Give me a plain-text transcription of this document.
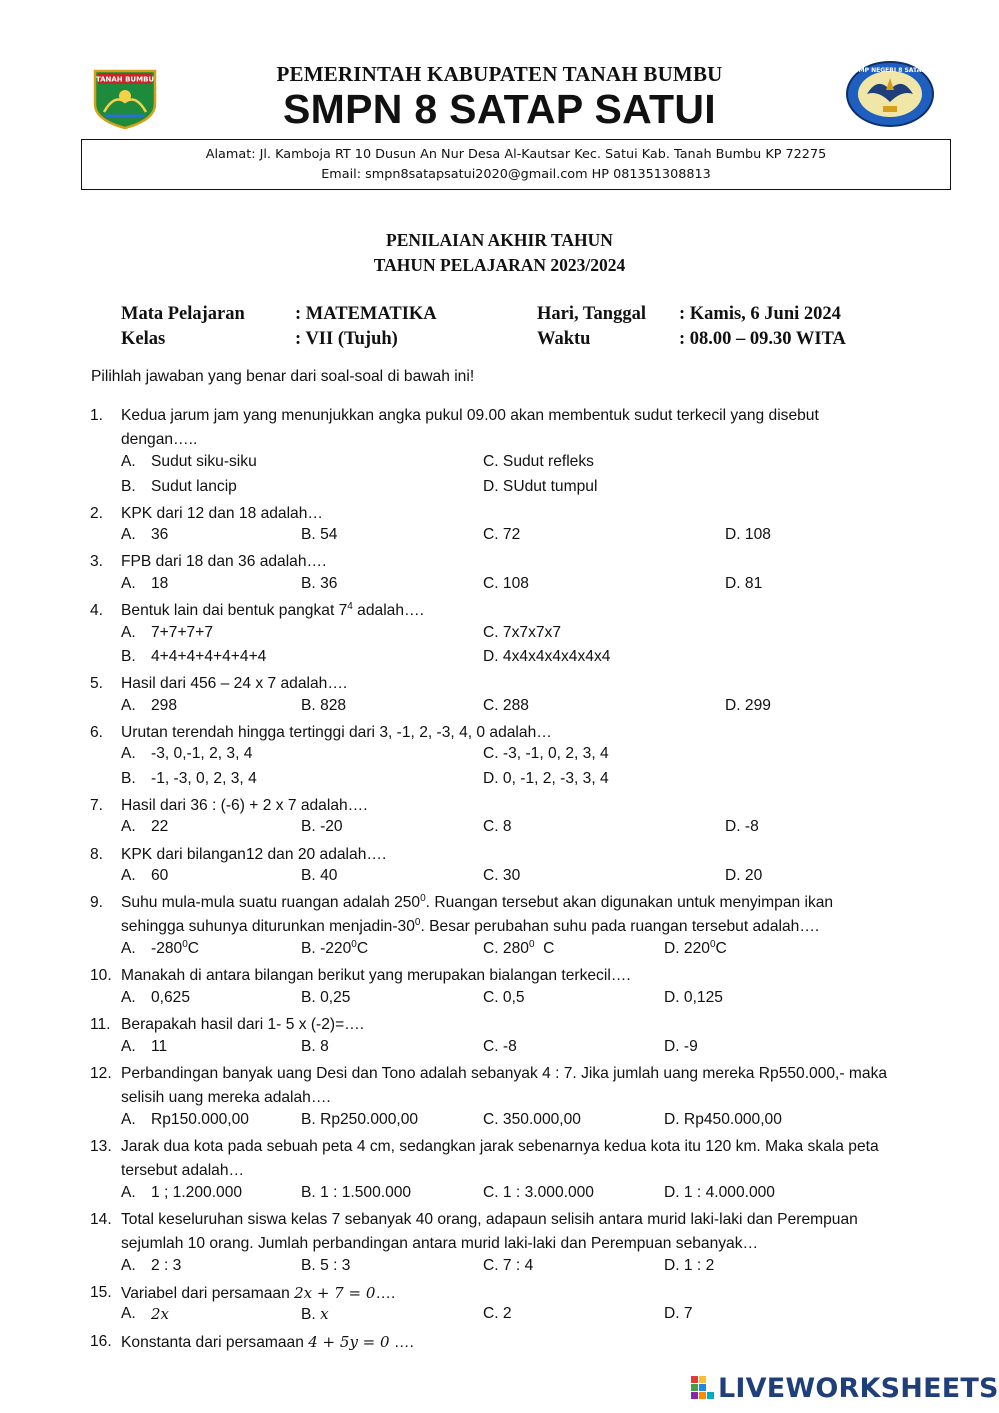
TANAH BUMBU	PEMERINTAH KABUPATEN TANAH BUMBU
SMPN 8 SATAP SATUI
SMP NEGERI 8 SATAP
Alamat: Jl. Kamboja RT 10 Dusun An Nur Desa Al-Kautsar Kec. Satui Kab. Tanah Bumbu KP 72275
Email: smpn8satapsatui2020@gmail.com HP 081351308813
PENILAIAN AKHIR TAHUN
TAHUN PELAJARAN 2023/2024
Mata Pelajaran	: MATEMATIKA	Hari, Tanggal : Kamis, 6 Juni 2024
Kelas	: VII (Tujuh)	Waktu	: 08.00 – 09.30 WITA
Pilihlah jawaban yang benar dari soal-soal di bawah ini!
1. Kedua jarum jam yang menunjukkan angka pukul 09.00 akan membentuk sudut terkecil yang disebut
dengan…..
A. Sudut siku-siku	C. Sudut refleks
B. Sudut lancip	D. SUdut tumpul
2. KPK dari 12 dan 18 adalah…
A. 36	B. 54	C. 72	D. 108
3. FPB dari 18 dan 36 adalah….
A. 18	B. 36	C. 108	D. 81
4. Bentuk lain dai bentuk pangkat $7^4$ adalah….
A. 7+7+7+7	C. 7x7x7x7
B. 4+4+4+4+4+4+4	D. 4x4x4x4x4x4x4
5. Hasil dari 456 – 24 x 7 adalah….
A. 298	B. 828	C. 288	D. 299
6. Urutan terendah hingga tertinggi dari 3, -1, 2, -3, 4, 0 adalah…
A. -3, 0,-1, 2, 3, 4	C. -3, -1, 0, 2, 3, 4
B. -1, -3, 0, 2, 3, 4	D. 0, -1, 2, -3, 3, 4
7. Hasil dari 36 : (-6) + 2 x 7 adalah….
A. 22	B. -20	C. 8	D. -8
8. KPK dari bilangan12 dan 20 adalah….
A. 60	B. 40	C. 30	D. 20
9. Suhu mula-mula suatu ruangan adalah $250^0$. Ruangan tersebut akan digunakan untuk menyimpan ikan
sehingga suhunya diturunkan menjadin-$30^0$. Besar perubahan suhu pada ruangan tersebut adalah….
A. $-280^0C$	B. $-220^0C$	C. $280^0$  C	D. $220^0C$
10. Manakah di antara bilangan berikut yang merupakan bialangan terkecil….
A. 0,625	B. 0,25	C. 0,5	D. 0,125
11. Berapakah hasil dari 1- 5 x (-2)=….
A. 11	B. 8	C. -8	D. -9
12. Perbandingan banyak uang Desi dan Tono adalah sebanyak 4 : 7. Jika jumlah uang mereka Rp550.000,- maka
selisih uang mereka adalah….
A. Rp150.000,00	B. Rp250.000,00	C. 350.000,00	D. Rp450.000,00
13. Jarak dua kota pada sebuah peta 4 cm, sedangkan jarak sebenarnya kedua kota itu 120 km. Maka skala peta
tersebut adalah…
A. 1 ; 1.200.000	B. 1 : 1.500.000	C. 1 : 3.000.000	D. 1 : 4.000.000
14. Total keseluruhan siswa kelas 7 sebanyak 40 orang, adapaun selisih antara murid laki-laki dan Perempuan
sejumlah 10 orang. Jumlah perbandingan antara murid laki-laki dan Perempuan sebanyak…
A. 2 : 3	B. 5 : 3	C. 7 : 4	D. 1 : 2
15. Variabel dari persamaan 2x + 7 = 0….
A. 2x	B. x	C. 2	D. 7
16. Konstanta dari persamaan 4 + 5y = 0 ….
LIVEWORKSHEETS
